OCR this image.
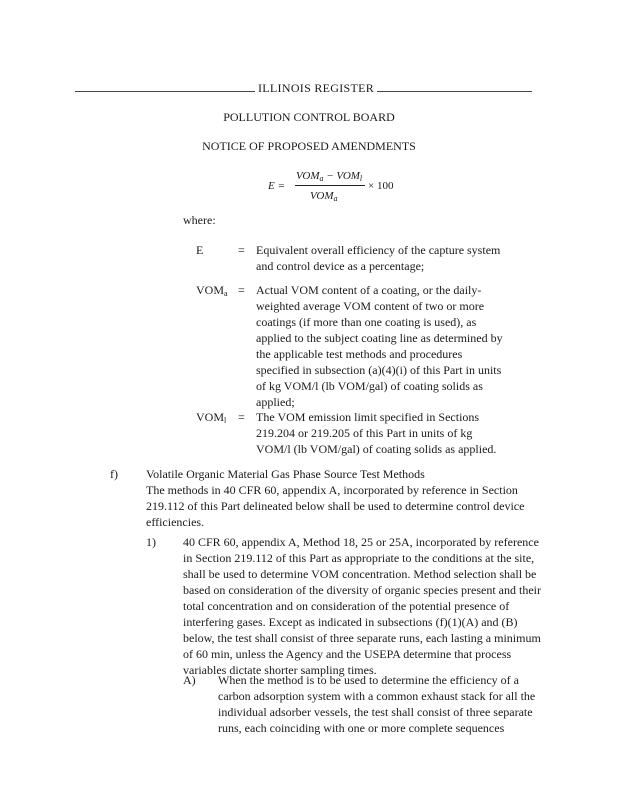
ILLINOIS REGISTER
POLLUTION CONTROL BOARD
NOTICE OF PROPOSED AMENDMENTS
E =
$VOM_a - VOM_l$
$VOM_a$
× 100
where:
E	= Equivalent overall efficiency of the capture system
and control device as a percentage;
$VOM_a$ = Actual VOM content of a coating, or the daily-
weighted average VOM content of two or more
coatings (if more than one coating is used), as
applied to the subject coating line as determined by
the applicable test methods and procedures
specified in subsection (a)(4)(i) of this Part in units
of kg VOM/l (lb VOM/gal) of coating solids as
applied;
$VOM_l$ = The VOM emission limit specified in Sections
219.204 or 219.205 of this Part in units of kg
VOM/l (lb VOM/gal) of coating solids as applied.
f) Volatile Organic Material Gas Phase Source Test Methods
The methods in 40 CFR 60, appendix A, incorporated by reference in Section
219.112 of this Part delineated below shall be used to determine control device
efficiencies.
1) 40 CFR 60, appendix A, Method 18, 25 or 25A, incorporated by reference
in Section 219.112 of this Part as appropriate to the conditions at the site,
shall be used to determine VOM concentration. Method selection shall be
based on consideration of the diversity of organic species present and their
total concentration and on consideration of the potential presence of
interfering gases. Except as indicated in subsections (f)(1)(A) and (B)
below, the test shall consist of three separate runs, each lasting a minimum
of 60 min, unless the Agency and the USEPA determine that process
variables dictate shorter sampling times.
A) When the method is to be used to determine the efficiency of a
carbon adsorption system with a common exhaust stack for all the
individual adsorber vessels, the test shall consist of three separate
runs, each coinciding with one or more complete sequences
